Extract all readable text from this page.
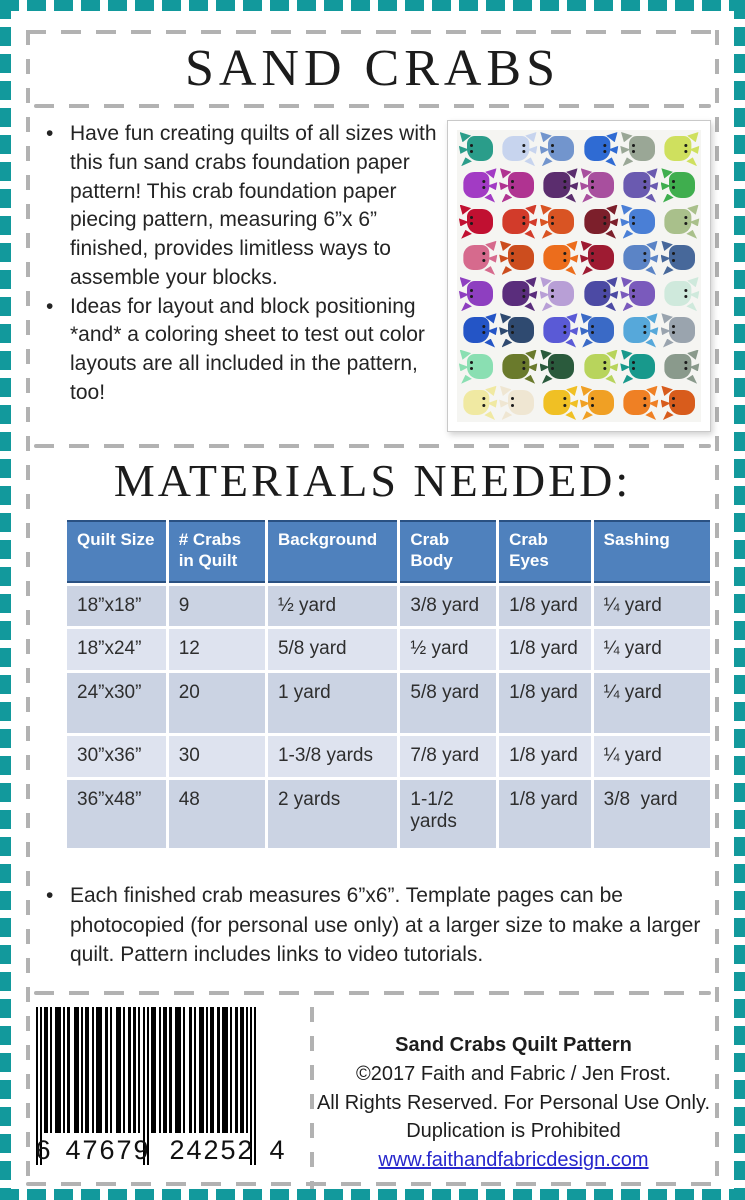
SAND CRABS
• Have fun creating quilts of all sizes with this fun sand crabs foundation paper pattern! This crab foundation paper piecing pattern, measuring 6”x 6” finished, provides limitless ways to assemble your blocks.
• Ideas for layout and block positioning *and* a coloring sheet to test out color layouts are all included in the pattern, too!
MATERIALS NEEDED:
Quilt Size	# Crabs in Quilt	Background	Crab Body	Crab Eyes	Sashing
18”x18”	9	½ yard	3/8 yard	1/8 yard	¼ yard
18”x24”	12	5/8 yard	½ yard	1/8 yard	¼ yard
24”x30”	20	1 yard	5/8 yard	1/8 yard	¼ yard
30”x36”	30	1-3/8 yards	7/8 yard	1/8 yard	¼ yard
36”x48”	48	2 yards	1-1/2 yards	1/8 yard	3/8  yard
• Each finished crab measures 6”x6”. Template pages can be photocopied (for personal use only) at a larger size to make a larger quilt. Pattern includes links to video tutorials.
6 47679 24252 4

Sand Crabs Quilt Pattern

©2017 Faith and Fabric / Jen Frost.

All Rights Reserved. For Personal Use Only.

Duplication is Prohibited

www.faithandfabricdesign.com
